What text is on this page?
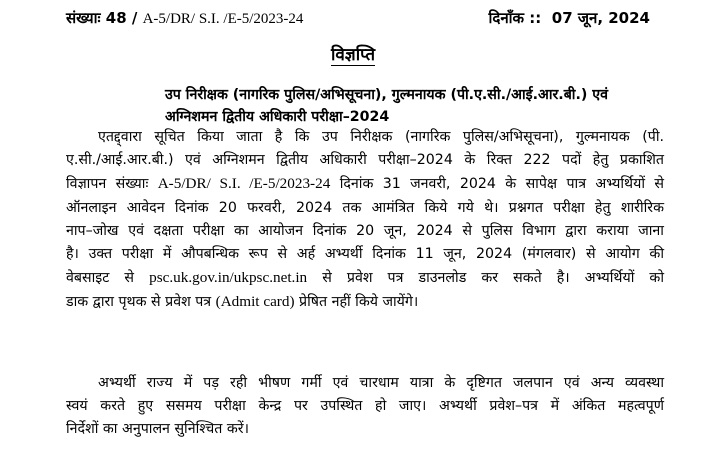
संख्याः 48 / A-5/DR/ S.I. /E-5/2023-24	दिनाँक :: 07 जून, 2024
विज्ञप्ति

उप निरीक्षक (नागरिक पुलिस/अभिसूचना), गुल्मनायक (पी.ए.सी./आई.आर.बी.) एवं
अग्निशमन द्वितीय अधिकारी परीक्षा–2024

एतद्द्वारा सूचित किया जाता है कि उप निरीक्षक (नागरिक पुलिस/अभिसूचना), गुल्मनायक (पी.
ए.सी./आई.आर.बी.) एवं अग्निशमन द्वितीय अधिकारी परीक्षा–2024 के रिक्त 222 पदों हेतु प्रकाशित
विज्ञापन संख्याः A-5/DR/ S.I. /E-5/2023-24 दिनांक 31 जनवरी, 2024 के सापेक्ष पात्र अभ्यर्थियों से
ऑनलाइन आवेदन दिनांक 20 फरवरी, 2024 तक आमंत्रित किये गये थे। प्रश्नगत परीक्षा हेतु शारीरिक
नाप–जोख एवं दक्षता परीक्षा का आयोजन दिनांक 20 जून, 2024 से पुलिस विभाग द्वारा कराया जाना
है। उक्त परीक्षा में औपबन्धिक रूप से अर्ह अभ्यर्थी दिनांक 11 जून, 2024 (मंगलवार) से आयोग की
वेबसाइट से psc.uk.gov.in/ukpsc.net.in से प्रवेश पत्र डाउनलोड कर सकते है। अभ्यर्थियों को
डाक द्वारा पृथक से प्रवेश पत्र (Admit card) प्रेषित नहीं किये जायेंगे।

अभ्यर्थी राज्य में पड़ रही भीषण गर्मी एवं चारधाम यात्रा के दृष्टिगत जलपान एवं अन्य व्यवस्था
स्वयं करते हुए ससमय परीक्षा केन्द्र पर उपस्थित हो जाए। अभ्यर्थी प्रवेश–पत्र में अंकित महत्वपूर्ण
निर्देशों का अनुपालन सुनिश्चित करें।
